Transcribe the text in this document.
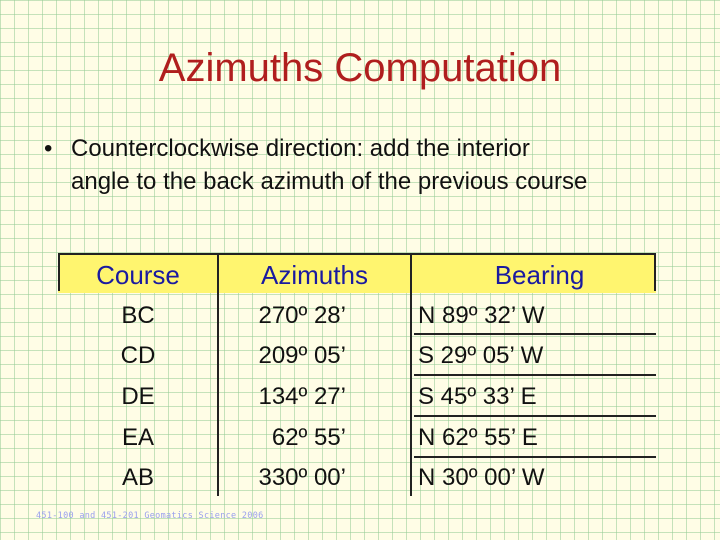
Azimuths Computation
• Counterclockwise direction: add the interior angle to the back azimuth of the previous course
Course	Azimuths	Bearing
BC	270º 28’	N 89º 32’ W
CD	209º 05’	S 29º 05’ W
DE	134º 27’	S 45º 33’ E
EA	62º 55’	N 62º 55’ E
AB	330º 00’	N 30º 00’ W
451-100 and 451-201 Geomatics Science 2006
